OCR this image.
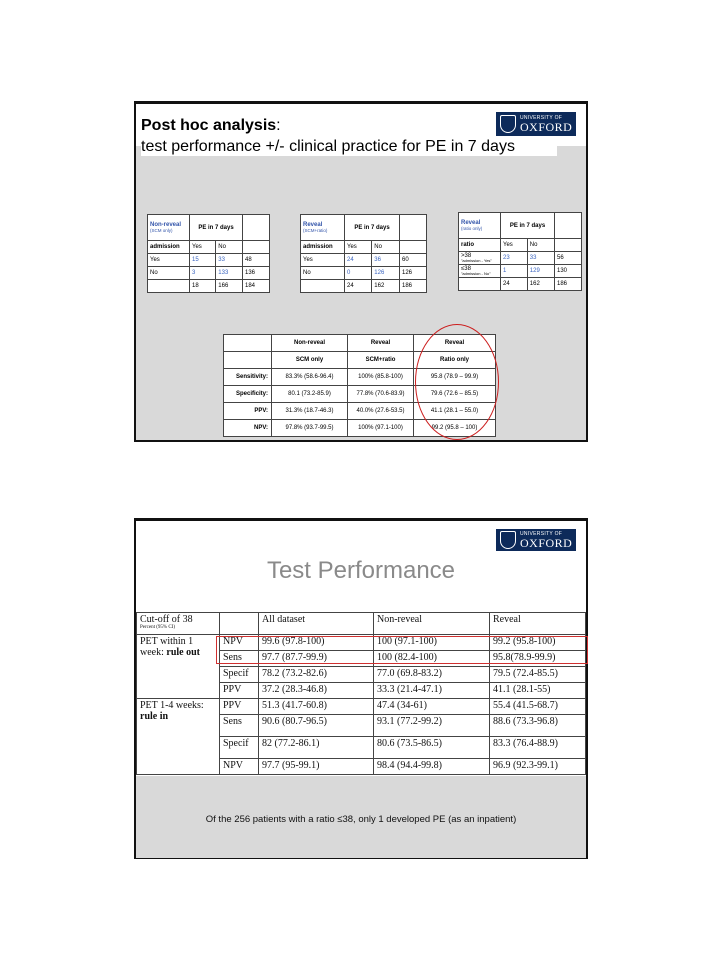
Post hoc analysis:
test performance +/- clinical practice for PE in 7 days
UNIVERSITY OF
OXFORD
Non-reveal
(SCM only)	PE in 7 days		
admission	Yes	No	
Yes	15	33	48
No	3	133	136
	18	166	184
Reveal
(SCM+ratio)	PE in 7 days		
admission	Yes	No	
Yes	24	36	60
No	0	126	126
	24	162	186
Reveal
(ratio only)	PE in 7 days		
ratio	Yes	No	

>38
"admission - Yes"	23	33	56

≤38
"admission - No"	1	129	130
	24	162	186

	Non-reveal	Reveal	Reveal

	SCM only	SCM+ratio	Ratio only
Sensitivity:	83.3% (58.6-96.4)	100% (85.8-100)	95.8 (78.9 – 99.9)
Specificity:	80.1 (73.2-85.9)	77.8% (70.6-83.9)	79.6 (72.6 – 85.5)
PPV:	31.3% (18.7-46.3)	40.0% (27.6-53.5)	41.1 (28.1 – 55.0)
NPV:	97.8% (93.7-99.5)	100% (97.1-100)	99.2 (95.8 – 100)
UNIVERSITY OF
OXFORD
Test Performance
Cut-off of 38
Percent (95% CI)		All dataset	Non-reveal	Reveal
PET within 1 week: rule out	NPV	99.6 (97.8-100)	100 (97.1-100)	99.2 (95.8-100)
	Sens	97.7 (87.7-99.9)	100 (82.4-100)	95.8(78.9-99.9)
	Specif	78.2 (73.2-82.6)	77.0 (69.8-83.2)	79.5 (72.4-85.5)
	PPV	37.2 (28.3-46.8)	33.3 (21.4-47.1)	41.1 (28.1-55)
PET 1-4 weeks: rule in	PPV	51.3 (41.7-60.8)	47.4 (34-61)	55.4 (41.5-68.7)
	Sens	90.6 (80.7-96.5)	93.1 (77.2-99.2)	88.6 (73.3-96.8)
	Specif	82 (77.2-86.1)	80.6 (73.5-86.5)	83.3 (76.4-88.9)
	NPV	97.7 (95-99.1)	98.4 (94.4-99.8)	96.9 (92.3-99.1)
Of the 256 patients with a ratio ≤38, only 1 developed PE (as an inpatient)
